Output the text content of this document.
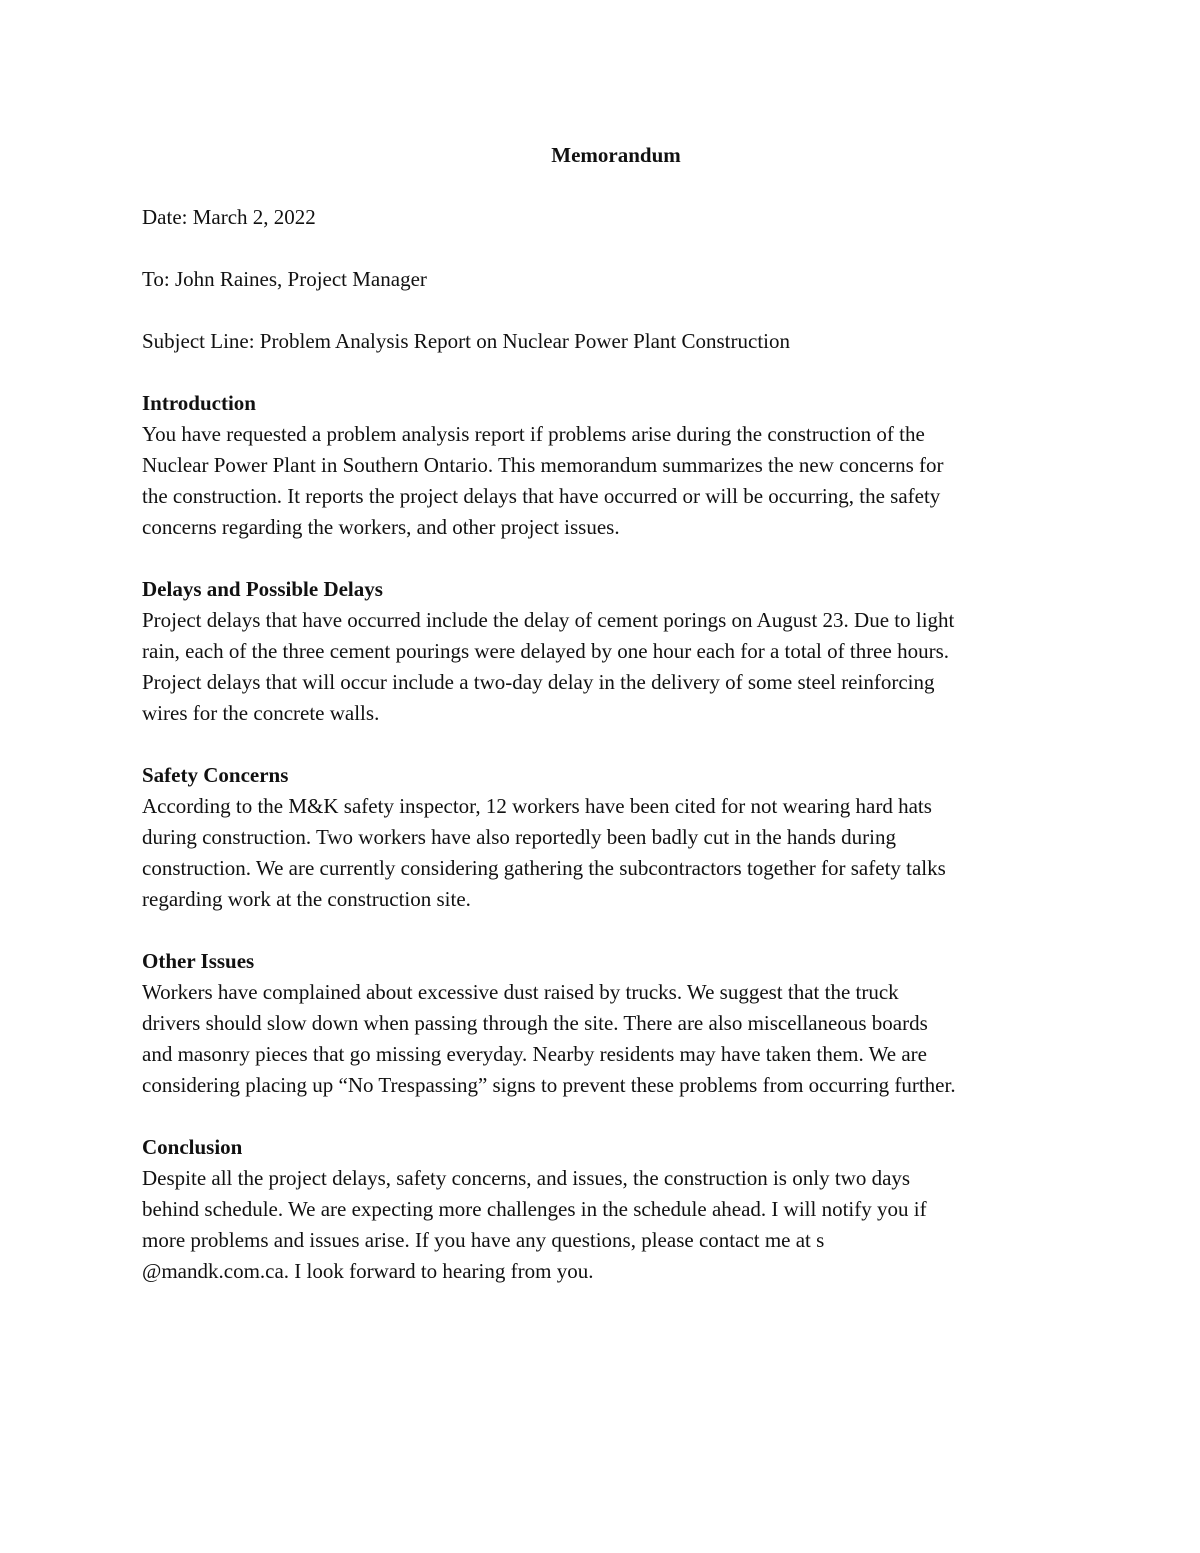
Memorandum
Date: March 2, 2022
To: John Raines, Project Manager
Subject Line: Problem Analysis Report on Nuclear Power Plant Construction
Introduction
You have requested a problem analysis report if problems arise during the construction of the
Nuclear Power Plant in Southern Ontario. This memorandum summarizes the new concerns for
the construction. It reports the project delays that have occurred or will be occurring, the safety
concerns regarding the workers, and other project issues.
Delays and Possible Delays
Project delays that have occurred include the delay of cement porings on August 23. Due to light
rain, each of the three cement pourings were delayed by one hour each for a total of three hours.
Project delays that will occur include a two-day delay in the delivery of some steel reinforcing
wires for the concrete walls.
Safety Concerns
According to the M&K safety inspector, 12 workers have been cited for not wearing hard hats
during construction. Two workers have also reportedly been badly cut in the hands during
construction. We are currently considering gathering the subcontractors together for safety talks
regarding work at the construction site.
Other Issues
Workers have complained about excessive dust raised by trucks. We suggest that the truck
drivers should slow down when passing through the site. There are also miscellaneous boards
and masonry pieces that go missing everyday. Nearby residents may have taken them. We are
considering placing up “No Trespassing” signs to prevent these problems from occurring further.
Conclusion
Despite all the project delays, safety concerns, and issues, the construction is only two days
behind schedule. We are expecting more challenges in the schedule ahead. I will notify you if
more problems and issues arise. If you have any questions, please contact me at s
@mandk.com.ca. I look forward to hearing from you.
